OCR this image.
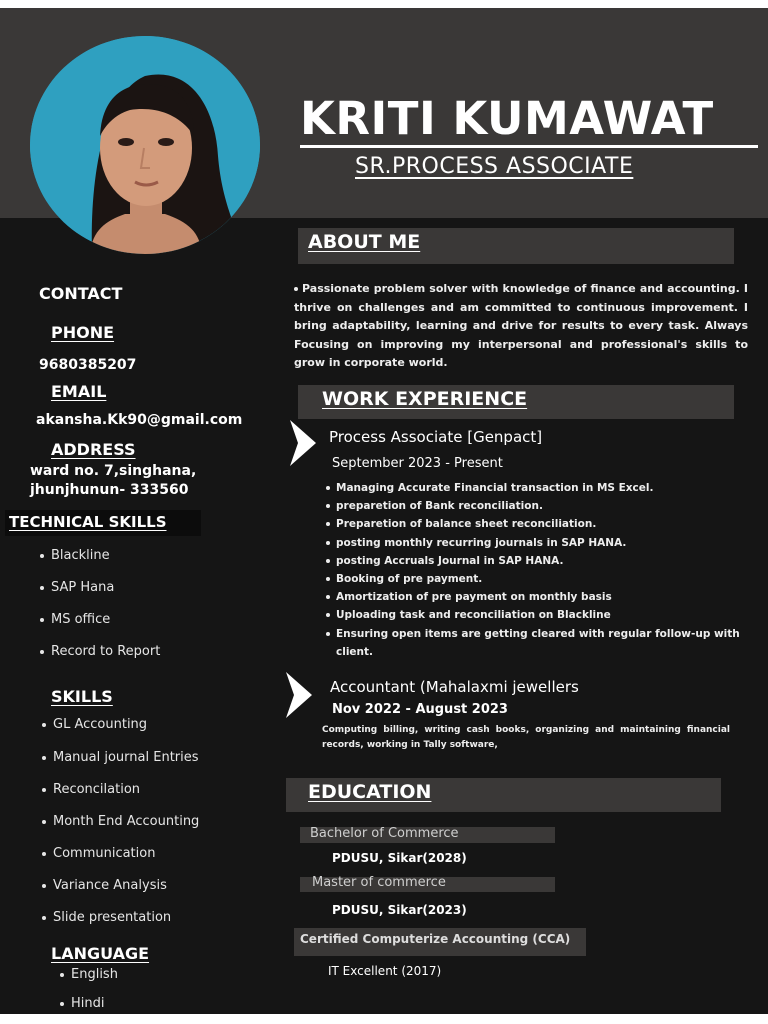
KRITI KUMAWAT
SR.PROCESS ASSOCIATE
CONTACT
PHONE
9680385207
EMAIL
akansha.Kk90@gmail.com
ADDRESS
ward no. 7,singhana,
jhunjhunun- 333560
TECHNICAL SKILLS
Blackline
SAP Hana
MS office
Record to Report
SKILLS
GL Accounting
Manual journal Entries
Reconcilation
Month End Accounting
Communication
Variance Analysis
Slide presentation
LANGUAGE
English
Hindi
ABOUT ME
Passionate problem solver with knowledge of finance and accounting. I thrive on challenges and am committed to continuous improvement. I bring adaptability, learning and drive for results to every task. Always Focusing on improving my interpersonal and professional's skills to grow in corporate world.
WORK EXPERIENCE
Process Associate [Genpact]
September 2023 - Present
Managing Accurate Financial transaction in MS Excel.
preparetion of Bank reconciliation.
Preparetion of balance sheet reconciliation.
posting monthly recurring journals in SAP HANA.
posting Accruals Journal in SAP HANA.
Booking of pre payment.
Amortization of pre payment on monthly basis
Uploading task and reconciliation on Blackline
Ensuring open items are getting cleared with regular follow-up with client.
Accountant (Mahalaxmi jewellers
Nov 2022 - August 2023
Computing billing, writing cash books, organizing and maintaining financial records, working in Tally software,
EDUCATION
Bachelor of Commerce
PDUSU, Sikar(2028)
Master of commerce
PDUSU, Sikar(2023)
Certified Computerize Accounting (CCA)
IT Excellent (2017)
